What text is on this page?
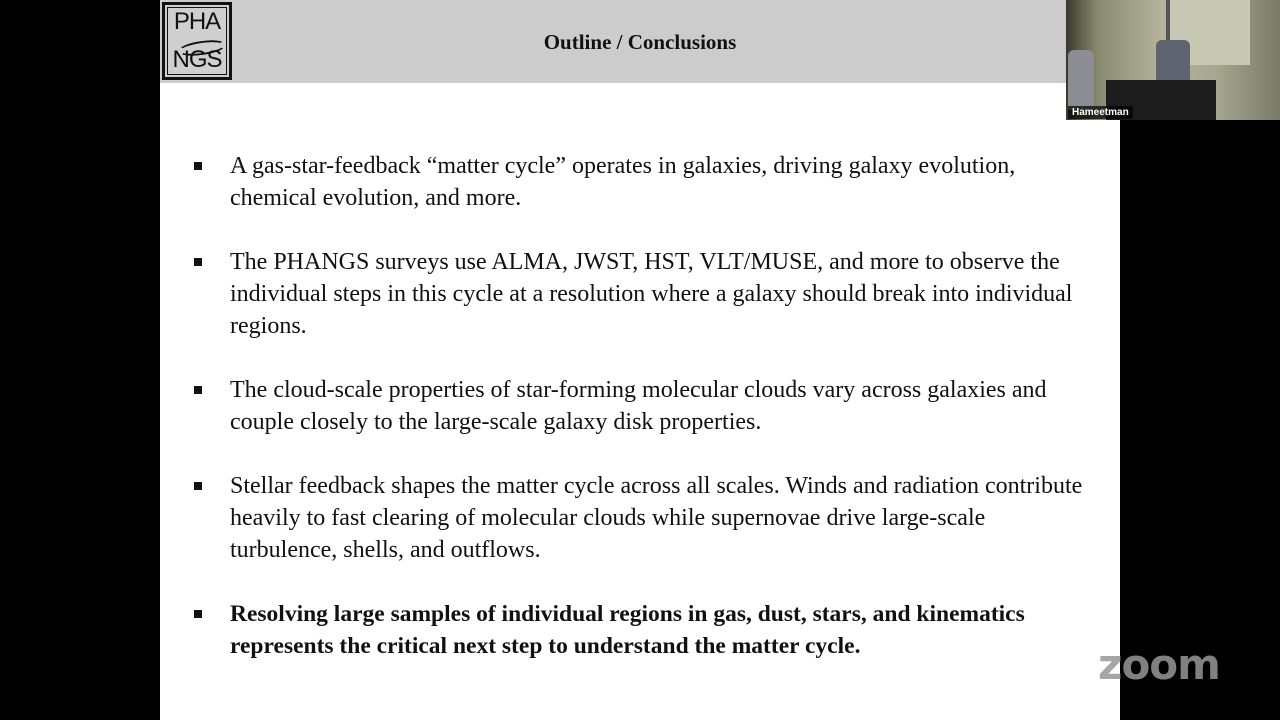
PHA
NGS
Outline / Conclusions
A gas-star-feedback “matter cycle” operates in galaxies, driving galaxy evolution, chemical evolution, and more.
The PHANGS surveys use ALMA, JWST, HST, VLT/MUSE, and more to observe the individual steps in this cycle at a resolution where a galaxy should break into individual regions.
The cloud-scale properties of star-forming molecular clouds vary across galaxies and couple closely to the large-scale galaxy disk properties.
Stellar feedback shapes the matter cycle across all scales. Winds and radiation contribute heavily to fast clearing of molecular clouds while supernovae drive large-scale turbulence, shells, and outflows.
Resolving large samples of individual regions in gas, dust, stars, and kinematics represents the critical next step to understand the matter cycle.
Hameetman
zoom
